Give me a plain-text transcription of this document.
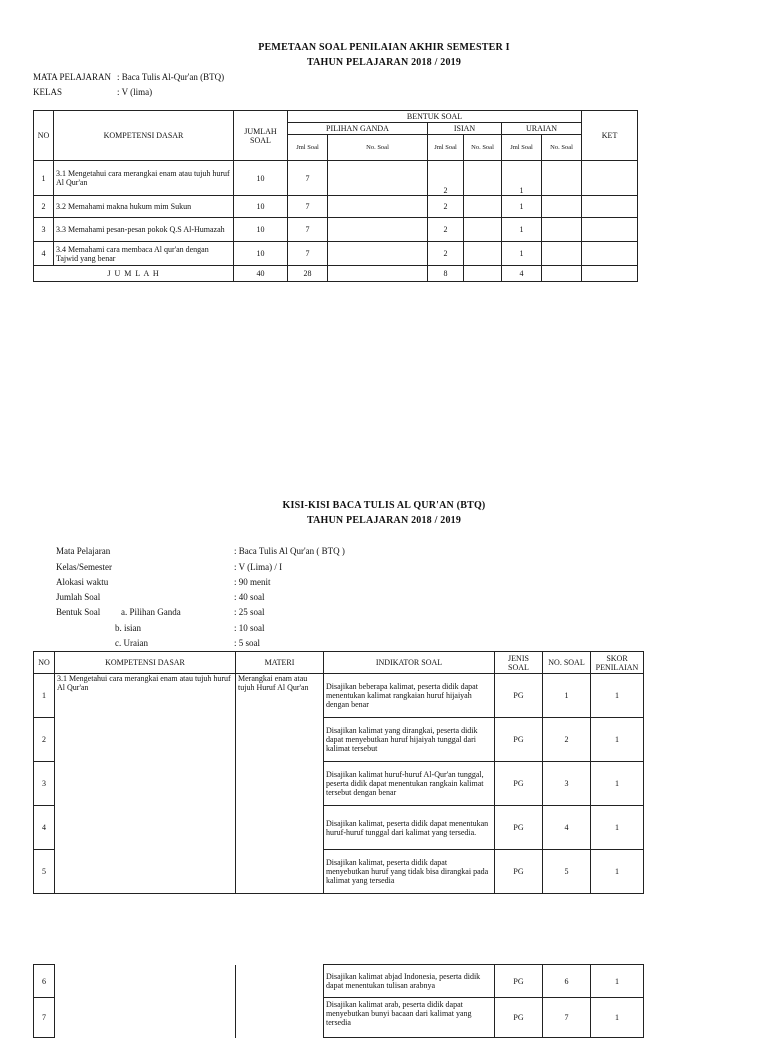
PEMETAAN SOAL PENILAIAN AKHIR SEMESTER I
TAHUN PELAJARAN 2018 / 2019
MATA PELAJARAN : Baca Tulis Al-Qur'an (BTQ)
KELAS	: V (lima)
NO	KOMPETENSI DASAR	JUMLAH SOAL	BENTUK SOAL						KET
			PILIHAN GANDA		ISIAN		URAIAN		
			Jml Soal	No. Soal	Jml Soal	No. Soal	Jml Soal	No. Soal	
1	3.1 Mengetahui cara merangkai enam atau tujuh huruf Al Qur'an	10	7		2		1		
2	3.2 Memahami makna hukum mim Sukun	10	7		2		1		
3	3.3 Memahami pesan-pesan pokok Q.S Al-Humazah	10	7		2		1		
4	3.4 Memahami cara membaca Al qur'an dengan Tajwid yang benar	10	7		2		1		
J U M L A H		40	28		8		4		
KISI-KISI BACA TULIS AL QUR'AN (BTQ)
TAHUN PELAJARAN 2018 / 2019
Mata Pelajaran	: Baca Tulis Al Qur'an ( BTQ )
Kelas/Semester	: V (Lima) / I
Alokasi waktu	: 90 menit
Jumlah Soal	: 40 soal
Bentuk Soal a. Pilihan Ganda	: 25 soal
b. isian	: 10 soal
c. Uraian	: 5 soal
NO	KOMPETENSI DASAR	MATERI	INDIKATOR SOAL	JENIS SOAL	NO. SOAL	SKOR PENILAIAN
1	3.1 Mengetahui cara merangkai enam atau tujuh huruf Al Qur'an	Merangkai enam atau tujuh Huruf Al Qur'an	Disajikan beberapa kalimat, peserta didik dapat menentukan kalimat rangkaian huruf hijaiyah dengan benar	PG	1	1
2			Disajikan kalimat yang dirangkai, peserta didik dapat menyebutkan huruf hijaiyah tunggal dari kalimat tersebut	PG	2	1
3			Disajikan kalimat huruf-huruf Al-Qur'an tunggal, peserta didik dapat menentukan rangkain kalimat tersebut dengan benar	PG	3	1
4			Disajikan kalimat, peserta didik dapat menentukan huruf-huruf tunggal dari kalimat yang tersedia.	PG	4	1
5			Disajikan kalimat, peserta didik dapat menyebutkan huruf yang tidak bisa dirangkai pada kalimat yang tersedia	PG	5	1
6			Disajikan kalimat abjad Indonesia, peserta didik dapat menentukan tulisan arabnya	PG	6	1
7			Disajikan kalimat arab, peserta didik dapat menyebutkan bunyi bacaan dari kalimat yang tersedia	PG	7	1
